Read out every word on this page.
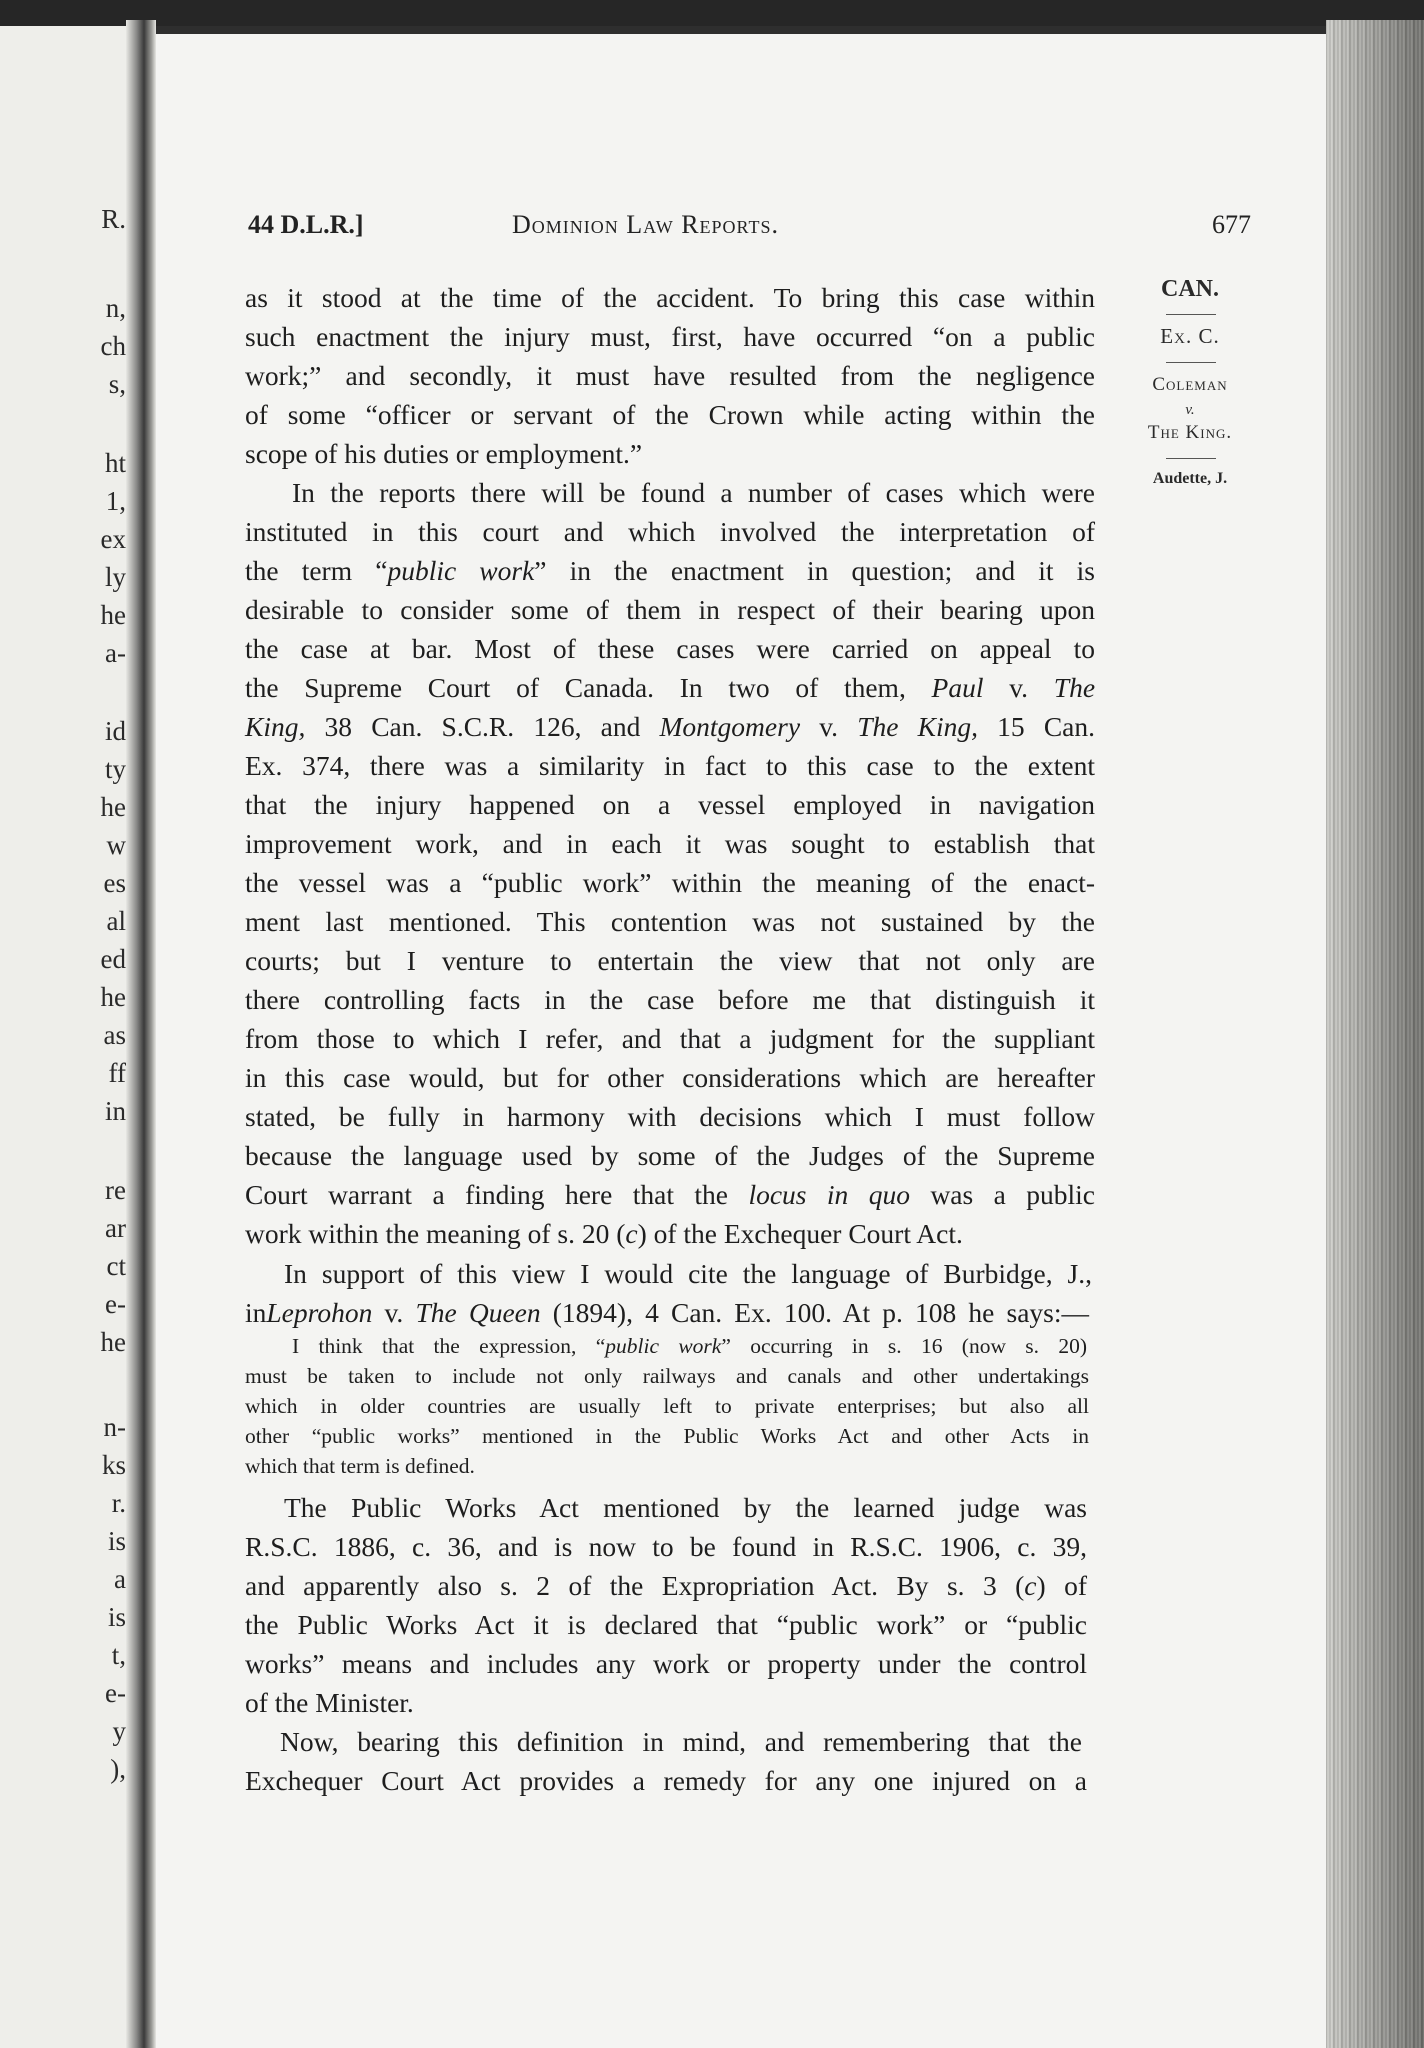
R.
n,
ch
s,
ht
1,
ex
ly
he
a-
id
ty
he
w
es
al
ed
he
as
ff
in
re
ar
ct
e-
he
n-
ks
r.
is
a
is
t,
e-
y
),
44 D.L.R.]	Dominion Law Reports.	677
CAN.
Ex. C.
Coleman
v.
The King.
Audette, J.
as it stood at the time of the accident. To bring this case within
such enactment the injury must, first, have occurred “on a public
work;” and secondly, it must have resulted from the negligence
of some “officer or servant of the Crown while acting within the
scope of his duties or employment.”
In the reports there will be found a number of cases which were
instituted in this court and which involved the interpretation of
the term “public work” in the enactment in question; and it is
desirable to consider some of them in respect of their bearing upon
the case at bar. Most of these cases were carried on appeal to
the Supreme Court of Canada. In two of them, Paul v. The
King, 38 Can. S.C.R. 126, and Montgomery v. The King, 15 Can.
Ex. 374, there was a similarity in fact to this case to the extent
that the injury happened on a vessel employed in navigation
improvement work, and in each it was sought to establish that
the vessel was a “public work” within the meaning of the enact-
ment last mentioned. This contention was not sustained by the
courts; but I venture to entertain the view that not only are
there controlling facts in the case before me that distinguish it
from those to which I refer, and that a judgment for the suppliant
in this case would, but for other considerations which are hereafter
stated, be fully in harmony with decisions which I must follow
because the language used by some of the Judges of the Supreme
Court warrant a finding here that the locus in quo was a public
work within the meaning of s. 20 (c) of the Exchequer Court Act.
In support of this view I would cite the language of Burbidge, J.,
inLeprohon v. The Queen (1894), 4 Can. Ex. 100. At p. 108 he says:—
I think that the expression, “public work” occurring in s. 16 (now s. 20)
must be taken to include not only railways and canals and other undertakings
which in older countries are usually left to private enterprises; but also all
other “public works” mentioned in the Public Works Act and other Acts in
which that term is defined.
The Public Works Act mentioned by the learned judge was
R.S.C. 1886, c. 36, and is now to be found in R.S.C. 1906, c. 39,
and apparently also s. 2 of the Expropriation Act. By s. 3 (c) of
the Public Works Act it is declared that “public work” or “public
works” means and includes any work or property under the control
of the Minister.
Now, bearing this definition in mind, and remembering that the
Exchequer Court Act provides a remedy for any one injured on a
